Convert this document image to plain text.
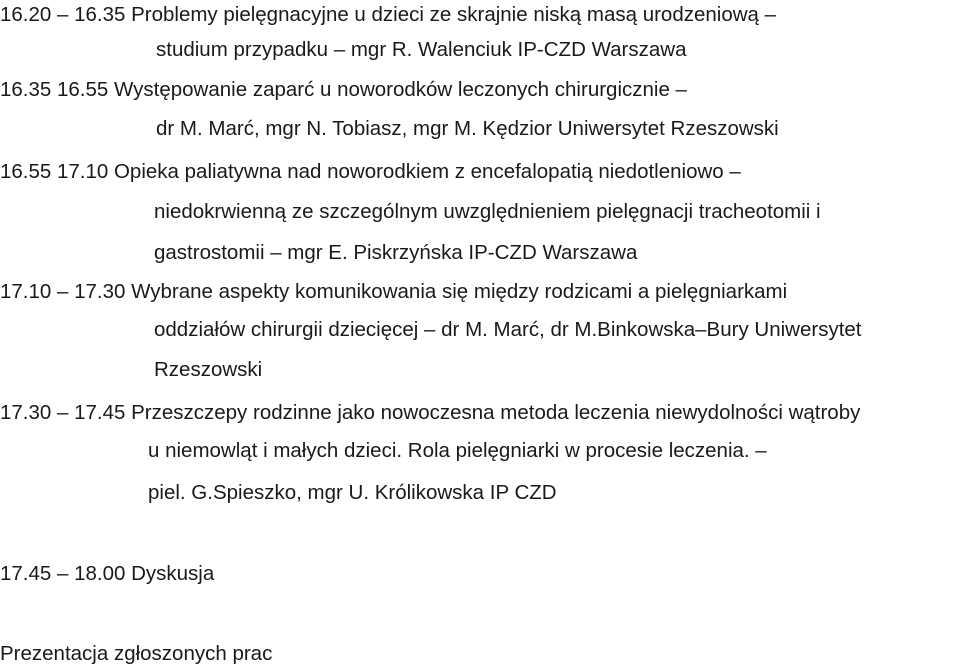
16.20 – 16.35 Problemy pielęgnacyjne u dzieci ze skrajnie niską masą urodzeniową –
studium przypadku – mgr R. Walenciuk IP-CZD Warszawa
16.35 16.55 Występowanie zaparć u noworodków leczonych chirurgicznie –
dr M. Marć, mgr N. Tobiasz, mgr M. Kędzior Uniwersytet Rzeszowski
16.55 17.10 Opieka paliatywna nad noworodkiem z encefalopatią niedotleniowo –
niedokrwienną ze szczególnym uwzględnieniem pielęgnacji tracheotomii i
gastrostomii – mgr E. Piskrzyńska IP-CZD Warszawa
17.10 – 17.30 Wybrane aspekty komunikowania się między rodzicami a pielęgniarkami
oddziałów chirurgii dziecięcej – dr M. Marć, dr M.Binkowska–Bury Uniwersytet
Rzeszowski
17.30 – 17.45 Przeszczepy rodzinne jako nowoczesna metoda leczenia niewydolności wątroby
u niemowląt i małych dzieci. Rola pielęgniarki w procesie leczenia. –
piel. G.Spieszko, mgr U. Królikowska IP CZD
17.45 – 18.00 Dyskusja
Prezentacja zgłoszonych prac
